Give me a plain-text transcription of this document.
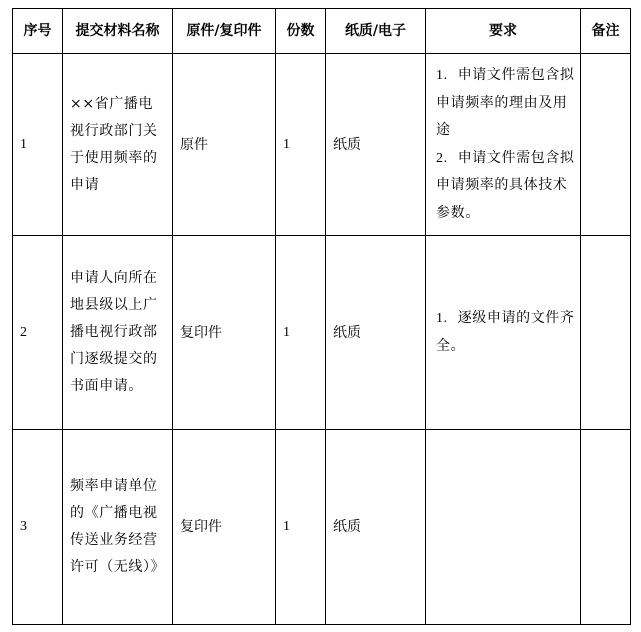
序号	提交材料名称	原件/复印件	份数	纸质/电子	要求	备注
1	××省广播电视行政部门关于使用频率的申请	原件	1	纸质	1. 申请文件需包含拟申请频率的理由及用途
2. 申请文件需包含拟申请频率的具体技术参数。	

2	申请人向所在地县级以上广播电视行政部门逐级提交的书面申请。	复印件	1	纸质	1. 逐级申请的文件齐全。	

3	频率申请单位的《广播电视传送业务经营许可（无线）》	复印件	1	纸质		
